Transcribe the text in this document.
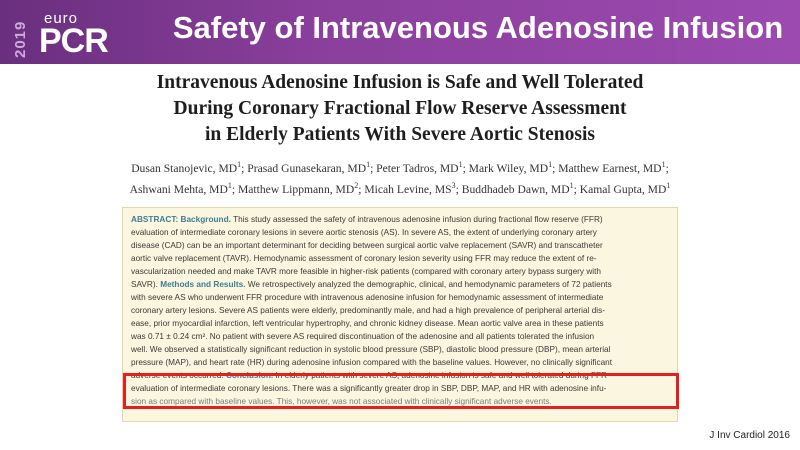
2019
euro
PCR	Safety of Intravenous Adenosine Infusion
Intravenous Adenosine Infusion is Safe and Well Tolerated
During Coronary Fractional Flow Reserve Assessment
in Elderly Patients With Severe Aortic Stenosis
Dusan Stanojevic, $MD^1$; Prasad Gunasekaran, $MD^1$; Peter Tadros, $MD^1$; Mark Wiley, $MD^1$; Matthew Earnest, $MD^1$;
Ashwani Mehta, $MD^1$; Matthew Lippmann, $MD^2$; Micah Levine, $MS^3$; Buddhadeb Dawn, $MD^1$; Kamal Gupta, $MD^1$
ABSTRACT: Background. This study assessed the safety of intravenous adenosine infusion during fractional flow reserve (FFR)
evaluation of intermediate coronary lesions in severe aortic stenosis (AS). In severe AS, the extent of underlying coronary artery
disease (CAD) can be an important determinant for deciding between surgical aortic valve replacement (SAVR) and transcatheter
aortic valve replacement (TAVR). Hemodynamic assessment of coronary lesion severity using FFR may reduce the extent of re-
vascularization needed and make TAVR more feasible in higher-risk patients (compared with coronary artery bypass surgery with
SAVR). Methods and Results. We retrospectively analyzed the demographic, clinical, and hemodynamic parameters of 72 patients
with severe AS who underwent FFR procedure with intravenous adenosine infusion for hemodynamic assessment of intermediate
coronary artery lesions. Severe AS patients were elderly, predominantly male, and had a high prevalence of peripheral arterial dis-
ease, prior myocardial infarction, left ventricular hypertrophy, and chronic kidney disease. Mean aortic valve area in these patients
was 0.71 ± 0.24 cm². No patient with severe AS required discontinuation of the adenosine and all patients tolerated the infusion
well. We observed a statistically significant reduction in systolic blood pressure (SBP), diastolic blood pressure (DBP), mean arterial
pressure (MAP), and heart rate (HR) during adenosine infusion compared with the baseline values. However, no clinically significant
adverse events occurred. Conclusion. In elderly patients with severe AS, adenosine infusion is safe and well tolerated during FFR
evaluation of intermediate coronary lesions. There was a significantly greater drop in SBP, DBP, MAP, and HR with adenosine infu-
sion as compared with baseline values. This, however, was not associated with clinically significant adverse events.
J Inv Cardiol 2016
